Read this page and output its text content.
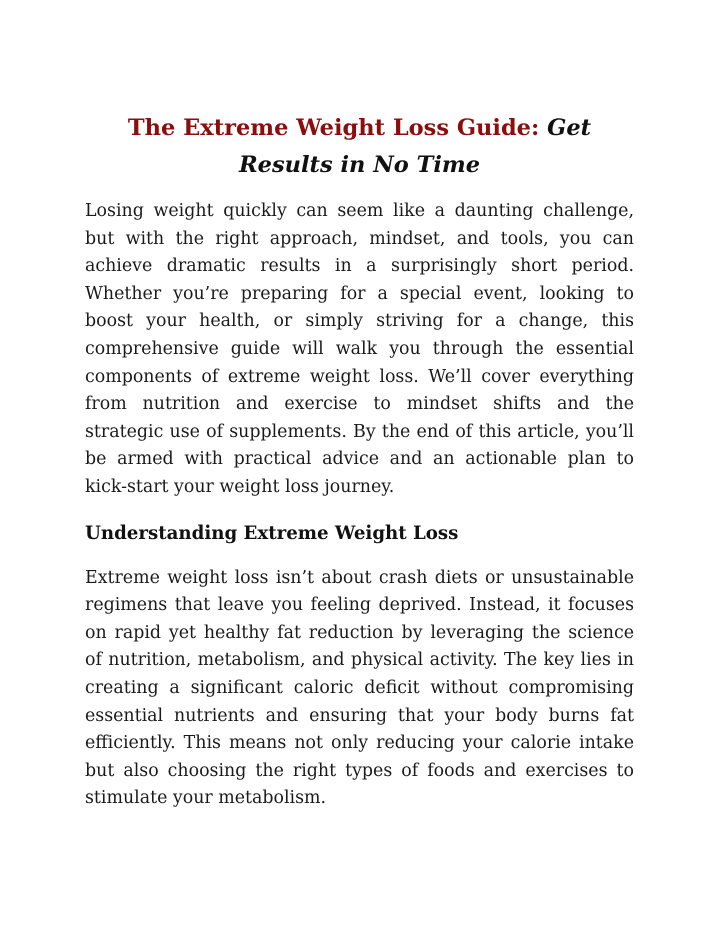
The Extreme Weight Loss Guide: Get Results in No Time

Losing weight quickly can seem like a daunting challenge, but with the right approach, mindset, and tools, you can achieve dramatic results in a surprisingly short period. Whether you’re preparing for a special event, looking to boost your health, or simply striving for a change, this comprehensive guide will walk you through the essential components of extreme weight loss. We’ll cover everything from nutrition and exercise to mindset shifts and the strategic use of supplements. By the end of this article, you’ll be armed with practical advice and an actionable plan to kick-start your weight loss journey.

Understanding Extreme Weight Loss

Extreme weight loss isn’t about crash diets or unsustainable regimens that leave you feeling deprived. Instead, it focuses on rapid yet healthy fat reduction by leveraging the science of nutrition, metabolism, and physical activity. The key lies in creating a significant caloric deficit without compromising essential nutrients and ensuring that your body burns fat efficiently. This means not only reducing your calorie intake but also choosing the right types of foods and exercises to stimulate your metabolism.
